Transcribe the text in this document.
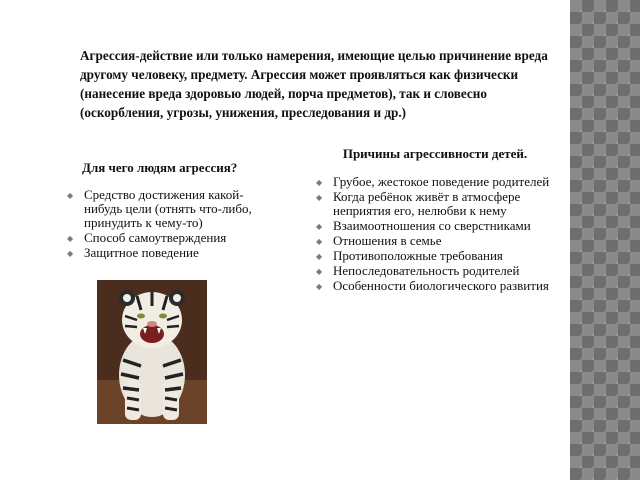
Агрессия-действие или только намерения, имеющие целью причинение вреда другому человеку, предмету. Агрессия может проявляться как физически (нанесение вреда здоровью людей, порча предметов), так и словесно (оскорбления, угрозы, унижения, преследования и др.)

Для чего людям агрессия?
◆ Средство достижения какой-нибудь цели (отнять что-либо, принудить к чему-то)
◆ Способ самоутверждения
◆ Защитное поведение
Причины агрессивности детей.
◆ Грубое, жестокое поведение родителей
◆ Когда ребёнок живёт в атмосфере неприятия его, нелюбви к нему
◆ Взаимоотношения со сверстниками
◆ Отношения в семье
◆ Противоположные требования
◆ Непоследовательность родителей
◆ Особенности биологического развития
